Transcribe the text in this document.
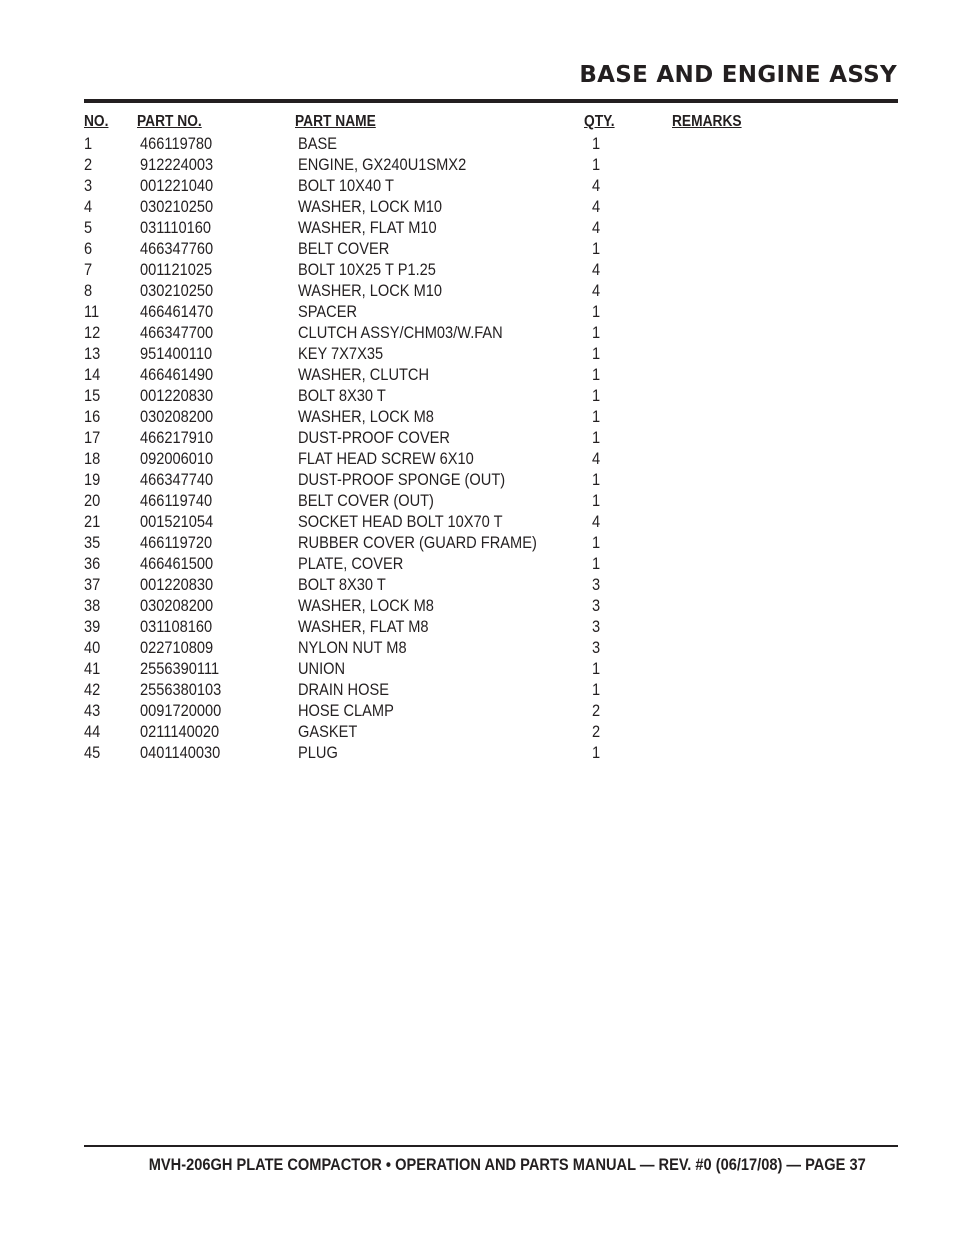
BASE AND ENGINE ASSY
NO. PART NO.	PART NAME	QTY.	REMARKS
1	466119780	BASE	1
2	912224003	ENGINE, GX240U1SMX2	1
3	001221040	BOLT 10X40 T	4
4	030210250	WASHER, LOCK M10	4
5	031110160	WASHER, FLAT M10	4
6	466347760	BELT COVER	1
7	001121025	BOLT 10X25 T P1.25	4
8	030210250	WASHER, LOCK M10	4
11 466461470	SPACER	1
12 466347700	CLUTCH ASSY/CHM03/W.FAN	1
13 951400110	KEY 7X7X35	1
14 466461490	WASHER, CLUTCH	1
15 001220830	BOLT 8X30 T	1
16 030208200	WASHER, LOCK M8	1
17 466217910	DUST-PROOF COVER	1
18 092006010	FLAT HEAD SCREW 6X10	4
19 466347740	DUST-PROOF SPONGE (OUT)	1
20 466119740	BELT COVER (OUT)	1
21 001521054	SOCKET HEAD BOLT 10X70 T	4
35 466119720	RUBBER COVER (GUARD FRAME)	1
36 466461500	PLATE, COVER	1
37 001220830	BOLT 8X30 T	3
38 030208200	WASHER, LOCK M8	3
39 031108160	WASHER, FLAT M8	3
40 022710809	NYLON NUT M8	3
41 2556390111	UNION	1
42 2556380103	DRAIN HOSE	1
43 0091720000	HOSE CLAMP	2
44 0211140020	GASKET	2
45 0401140030	PLUG	1
MVH-206GH PLATE COMPACTOR • OPERATION AND PARTS MANUAL — REV. #0 (06/17/08) — PAGE 37
